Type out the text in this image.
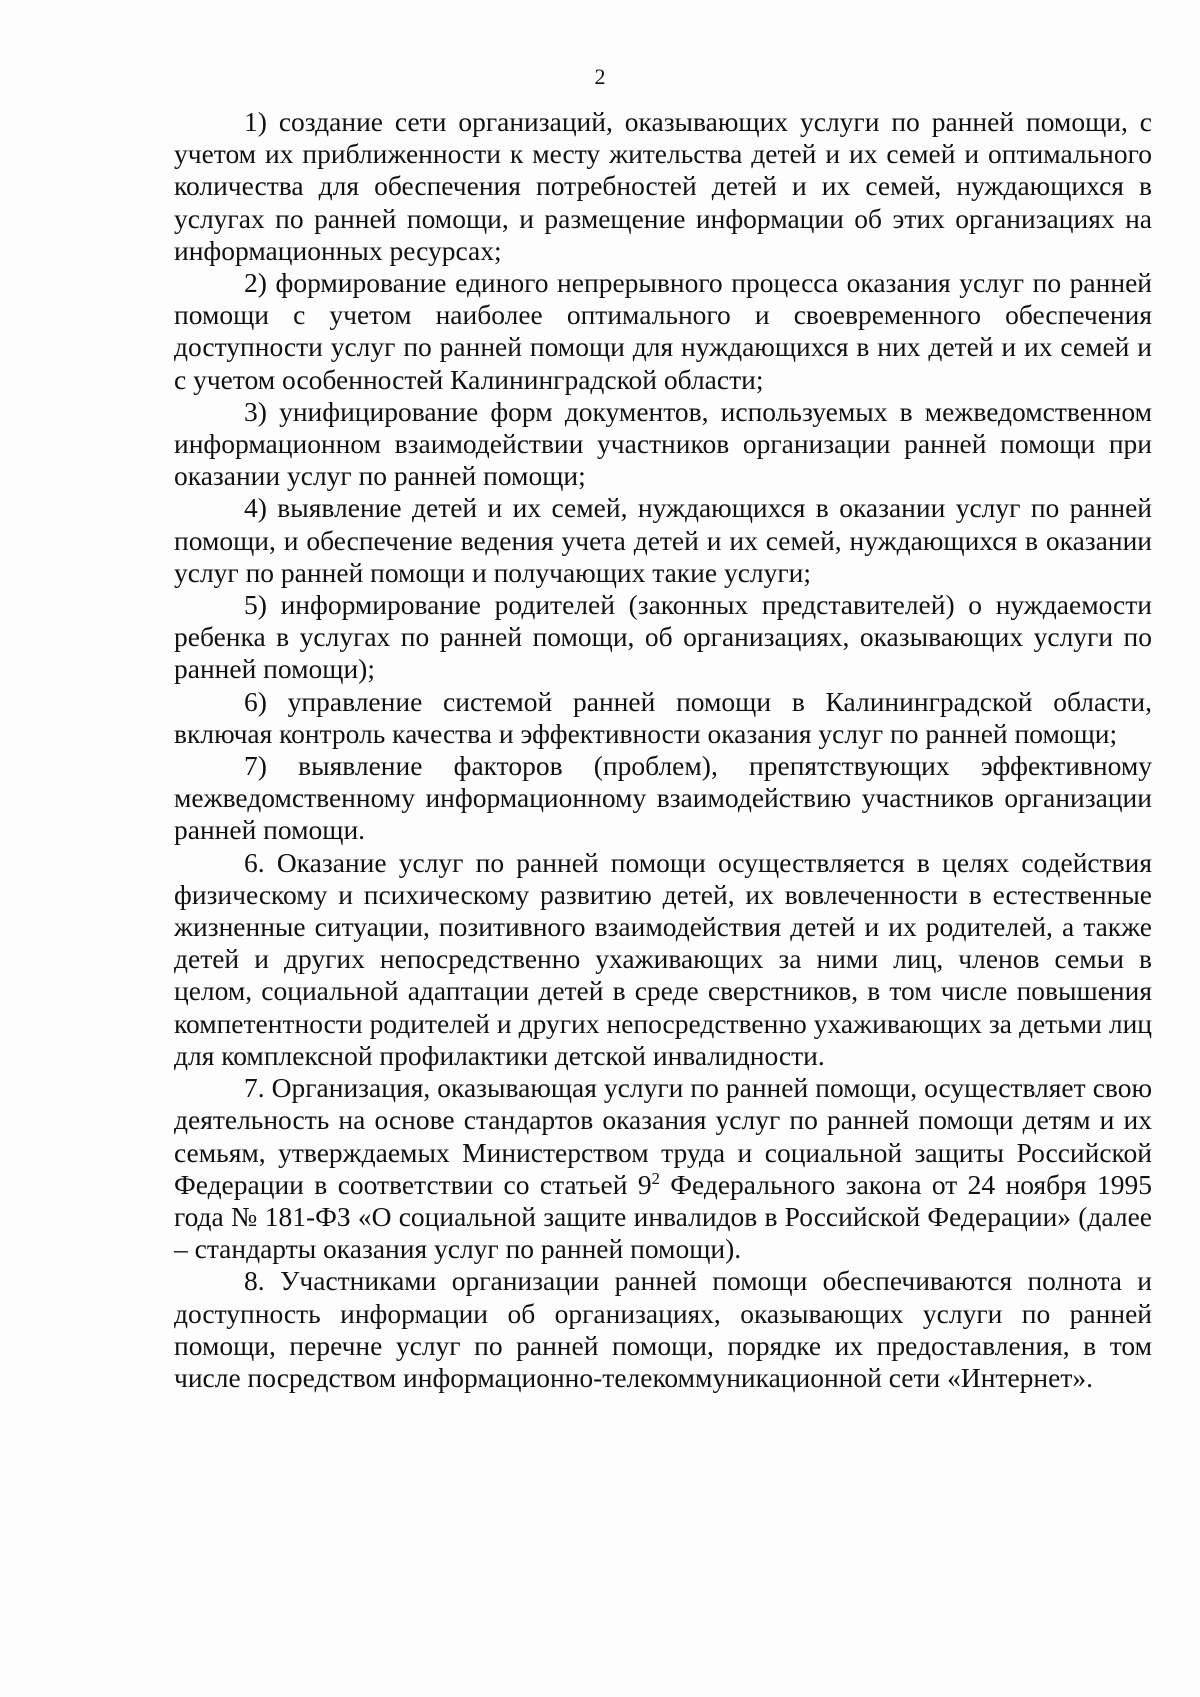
2

1) создание сети организаций, оказывающих услуги по ранней помощи, с учетом их приближенности к месту жительства детей и их семей и оптимального количества для обеспечения потребностей детей и их семей, нуждающихся в услугах по ранней помощи, и размещение информации об этих организациях на информационных ресурсах;

2) формирование единого непрерывного процесса оказания услуг по ранней помощи с учетом наиболее оптимального и своевременного обеспечения доступности услуг по ранней помощи для нуждающихся в них детей и их семей и с учетом особенностей Калининградской области;

3) унифицирование форм документов, используемых в межведомственном информационном взаимодействии участников организации ранней помощи при оказании услуг по ранней помощи;

4) выявление детей и их семей, нуждающихся в оказании услуг по ранней помощи, и обеспечение ведения учета детей и их семей, нуждающихся в оказании услуг по ранней помощи и получающих такие услуги;

5) информирование родителей (законных представителей) о нуждаемости ребенка в услугах по ранней помощи, об организациях, оказывающих услуги по ранней помощи);

6) управление системой ранней помощи в Калининградской области, включая контроль качества и эффективности оказания услуг по ранней помощи;

7) выявление факторов (проблем), препятствующих эффективному межведомственному информационному взаимодействию участников организации ранней помощи.

6. Оказание услуг по ранней помощи осуществляется в целях содействия физическому и психическому развитию детей, их вовлеченности в естественные жизненные ситуации, позитивного взаимодействия детей и их родителей, а также детей и других непосредственно ухаживающих за ними лиц, членов семьи в целом, социальной адаптации детей в среде сверстников, в том числе повышения компетентности родителей и других непосредственно ухаживающих за детьми лиц для комплексной профилактики детской инвалидности.

7. Организация, оказывающая услуги по ранней помощи, осуществляет свою деятельность на основе стандартов оказания услуг по ранней помощи детям и их семьям, утверждаемых Министерством труда и социальной защиты Российской Федерации в соответствии со статьей $9^2$ Федерального закона от 24 ноября 1995 года № 181-ФЗ «О социальной защите инвалидов в Российской Федерации» (далее – стандарты оказания услуг по ранней помощи).

8. Участниками организации ранней помощи обеспечиваются полнота и доступность информации об организациях, оказывающих услуги по ранней помощи, перечне услуг по ранней помощи, порядке их предоставления, в том числе посредством информационно-телекоммуникационной сети «Интернет».
